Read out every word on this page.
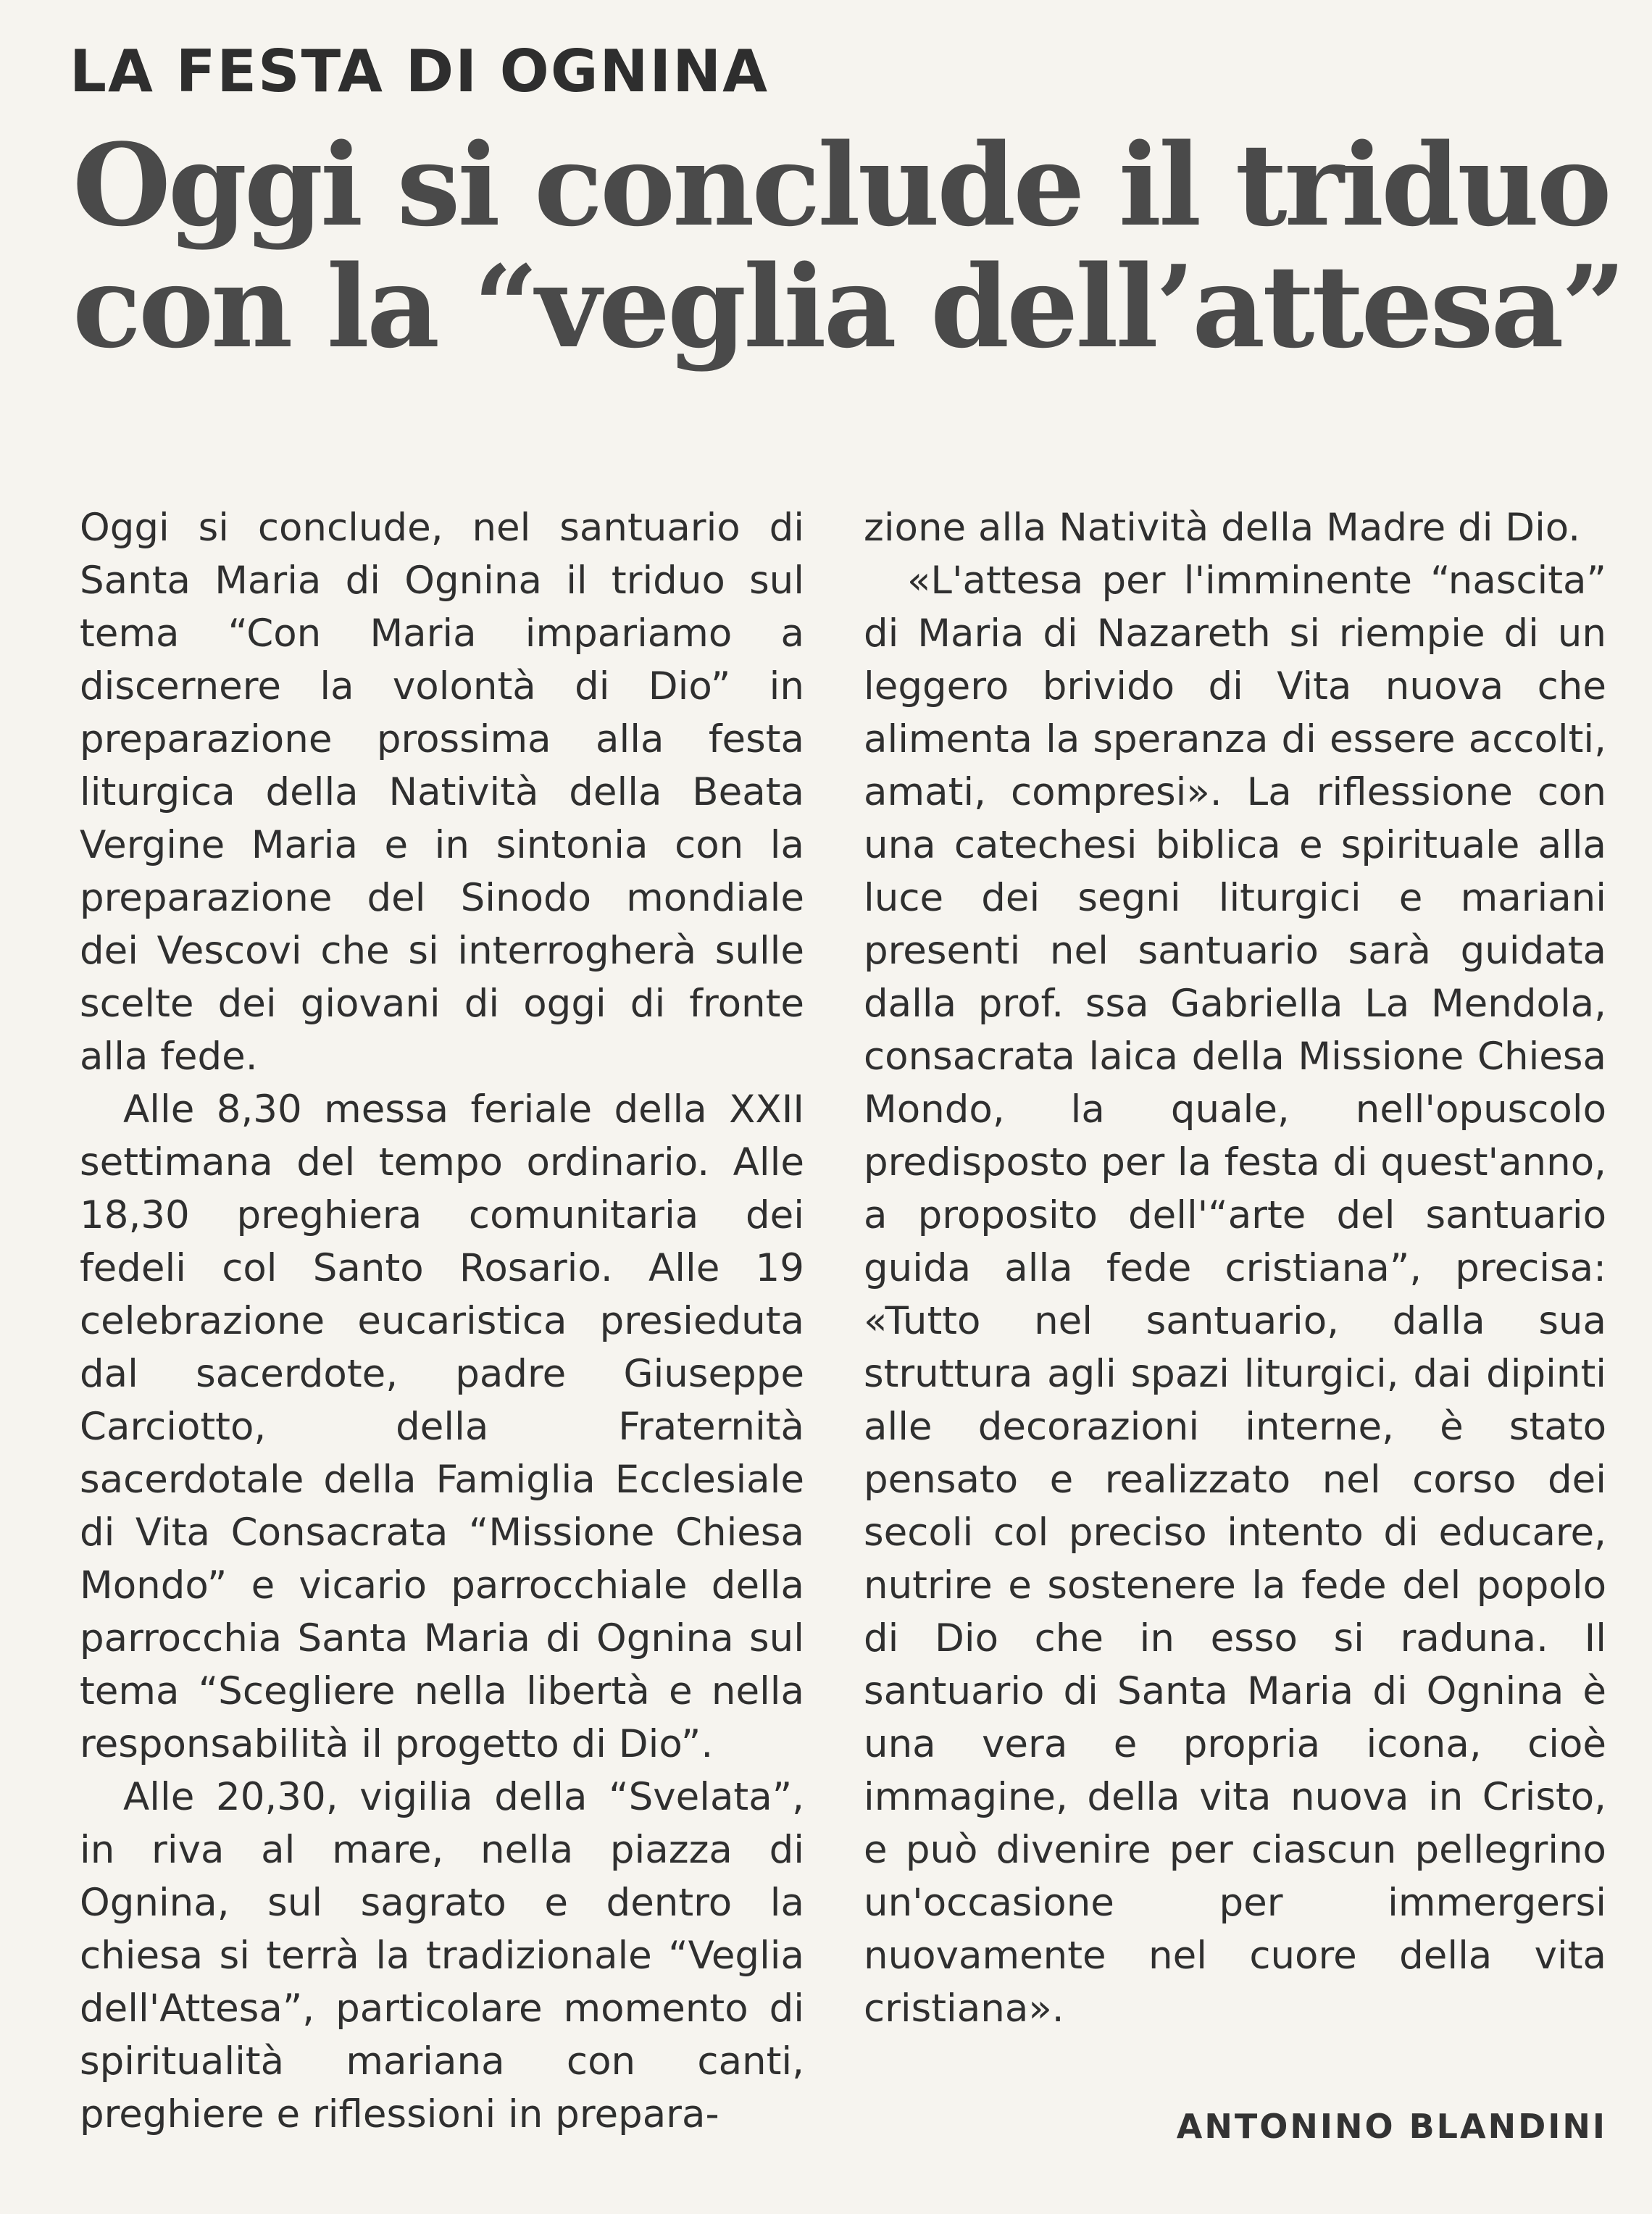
LA FESTA DI OGNINA
Oggi si conclude il triduo
con la “veglia dell’attesa”

Oggi si conclude, nel santuario di Santa Maria di Ognina il triduo sul tema “Con Maria impariamo a discernere la volontà di Dio” in preparazione prossima alla festa liturgica della Natività della Beata Vergine Maria e in sintonia con la preparazione del Sinodo mondiale dei Vescovi che si interrogherà sulle scelte dei giovani di oggi di fronte alla fede.

Alle 8,30 messa feriale della XXII settimana del tempo ordinario. Alle 18,30 preghiera comunitaria dei fedeli col Santo Rosario. Alle 19 celebrazione eucaristica presieduta dal sacerdote, padre Giuseppe Carciotto, della Fraternità sacerdotale della Famiglia Ecclesiale di Vita Consacrata “Missione Chiesa Mondo” e vicario parrocchiale della parrocchia Santa Maria di Ognina sul tema “Scegliere nella libertà e nella responsabilità il progetto di Dio”.

Alle 20,30, vigilia della “Svelata”, in riva al mare, nella piazza di Ognina, sul sagrato e dentro la chiesa si terrà la tradizionale “Veglia dell'Attesa”, particolare momento di spiritualità mariana con canti, preghiere e riflessioni in prepara-

zione alla Natività della Madre di Dio.

«L'attesa per l'imminente “nascita” di Maria di Nazareth si riempie di un leggero brivido di Vita nuova che alimenta la speranza di essere accolti, amati, compresi». La riflessione con una catechesi biblica e spirituale alla luce dei segni liturgici e mariani presenti nel santuario sarà guidata dalla prof. ssa Gabriella La Mendola, consacrata laica della Missione Chiesa Mondo, la quale, nell'opuscolo predisposto per la festa di quest'anno, a proposito dell'“arte del santuario guida alla fede cristiana”, precisa: «Tutto nel santuario, dalla sua struttura agli spazi liturgici, dai dipinti alle decorazioni interne, è stato pensato e realizzato nel corso dei secoli col preciso intento di educare, nutrire e sostenere la fede del popolo di Dio che in esso si raduna. Il santuario di Santa Maria di Ognina è una vera e propria icona, cioè immagine, della vita nuova in Cristo, e può divenire per ciascun pellegrino un'occasione per immergersi nuovamente nel cuore della vita cristiana».

ANTONINO BLANDINI
